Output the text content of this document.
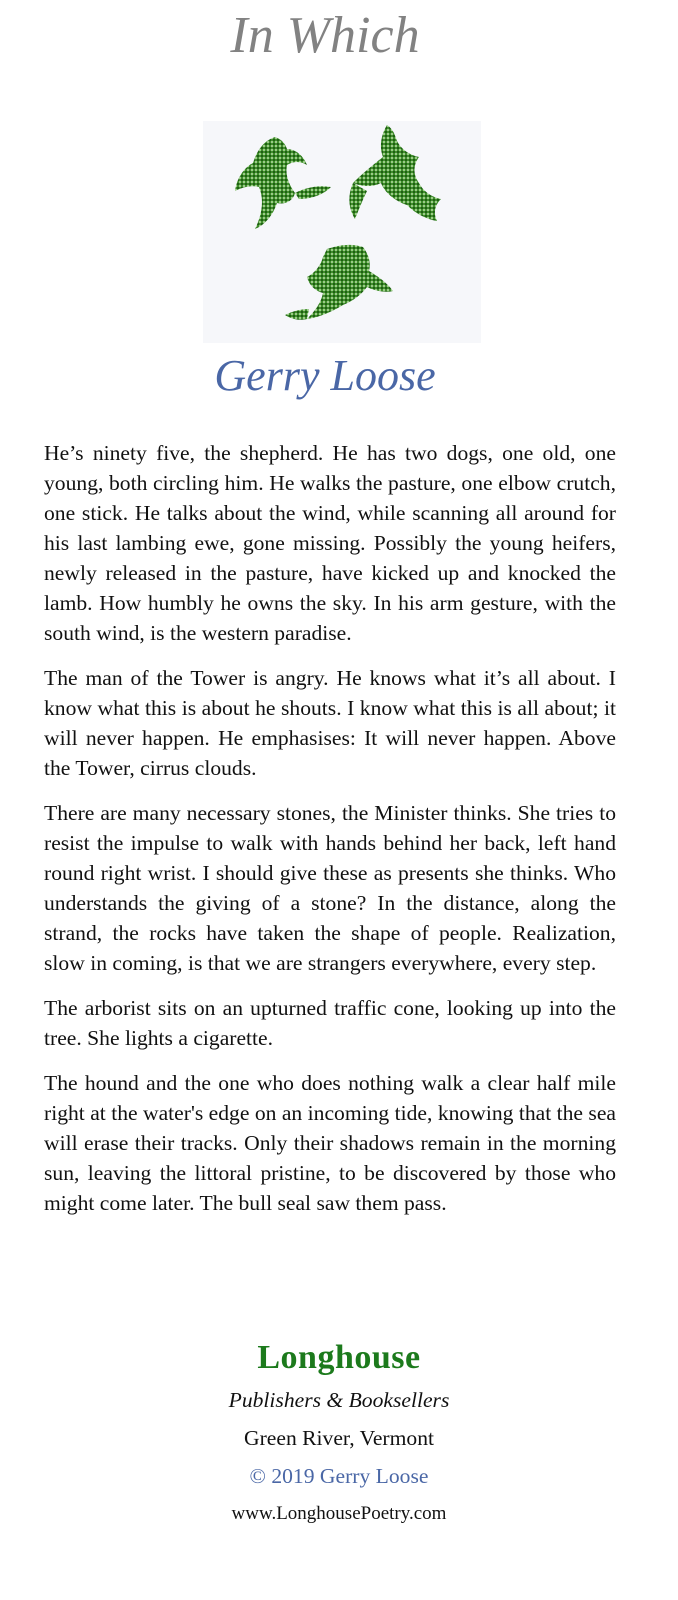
In Which
Gerry Loose

He’s ninety five, the shepherd. He has two dogs, one old, one young, both circling him. He walks the pasture, one elbow crutch, one stick. He talks about the wind, while scanning all around for his last lambing ewe, gone missing. Possibly the young heifers, newly released in the pasture, have kicked up and knocked the lamb. How humbly he owns the sky. In his arm gesture, with the south wind, is the western paradise.

The man of the Tower is angry. He knows what it’s all about. I know what this is about he shouts. I know what this is all about; it will never happen. He emphasises: It will never happen. Above the Tower, cirrus clouds.

There are many necessary stones, the Minister thinks. She tries to resist the impulse to walk with hands behind her back, left hand round right wrist. I should give these as presents she thinks. Who understands the giving of a stone? In the distance, along the strand, the rocks have taken the shape of people. Realization, slow in coming, is that we are strangers everywhere, every step.

The arborist sits on an upturned traffic cone, looking up into the tree. She lights a cigarette.

The hound and the one who does nothing walk a clear half mile right at the water's edge on an incoming tide, knowing that the sea will erase their tracks. Only their shadows remain in the morning sun, leaving the littoral pristine, to be discovered by those who might come later. The bull seal saw them pass.

Longhouse
Publishers & Booksellers
Green River, Vermont
© 2019 Gerry Loose
www.LonghousePoetry.com
